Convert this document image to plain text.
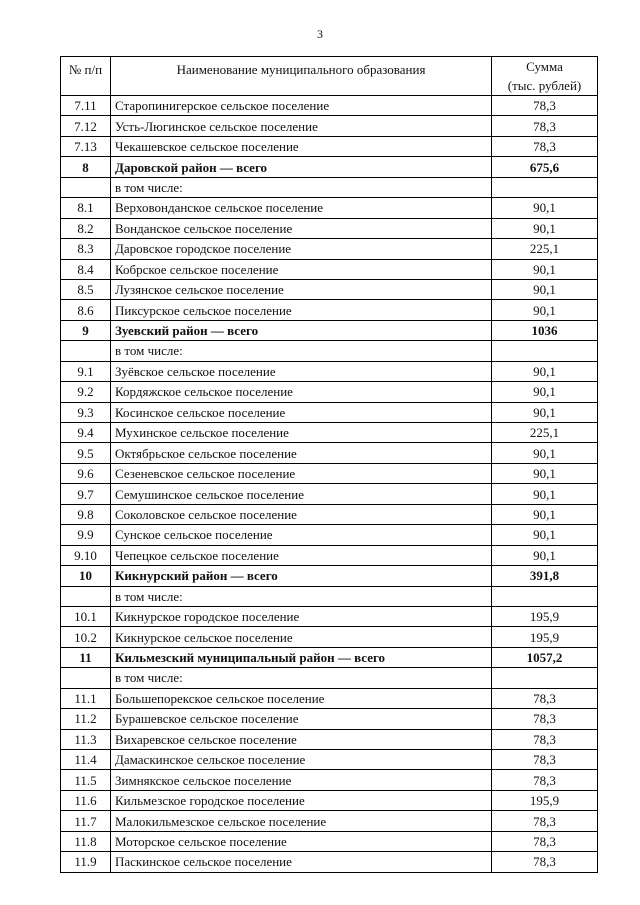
3
№ п/п	Наименование муниципального образования	Сумма
(тыс. рублей)
7.11	Старопинигерское сельское поселение	78,3
7.12	Усть-Люгинское сельское поселение	78,3
7.13	Чекашевское сельское поселение	78,3
8	Даровской район — всего	675,6
	в том числе:	
8.1	Верховонданское сельское поселение	90,1
8.2	Вонданское сельское поселение	90,1
8.3	Даровское городское поселение	225,1
8.4	Кобрское сельское поселение	90,1
8.5	Лузянское сельское поселение	90,1
8.6	Пиксурское сельское поселение	90,1
9	Зуевский район — всего	1036
	в том числе:	
9.1	Зуёвское сельское поселение	90,1
9.2	Кордяжское сельское поселение	90,1
9.3	Косинское сельское поселение	90,1
9.4	Мухинское сельское поселение	225,1
9.5	Октябрьское сельское поселение	90,1
9.6	Сезеневское сельское поселение	90,1
9.7	Семушинское сельское поселение	90,1
9.8	Соколовское сельское поселение	90,1
9.9	Сунское сельское поселение	90,1
9.10	Чепецкое сельское поселение	90,1
10	Кикнурский район — всего	391,8
	в том числе:	
10.1	Кикнурское городское поселение	195,9
10.2	Кикнурское сельское поселение	195,9
11	Кильмезский муниципальный район — всего	1057,2
	в том числе:	
11.1	Большепорекское сельское поселение	78,3
11.2	Бурашевское сельское поселение	78,3
11.3	Вихаревское сельское поселение	78,3
11.4	Дамаскинское сельское поселение	78,3
11.5	Зимнякское сельское поселение	78,3
11.6	Кильмезское городское поселение	195,9
11.7	Малокильмезское сельское поселение	78,3
11.8	Моторское сельское поселение	78,3
11.9	Паскинское сельское поселение	78,3
